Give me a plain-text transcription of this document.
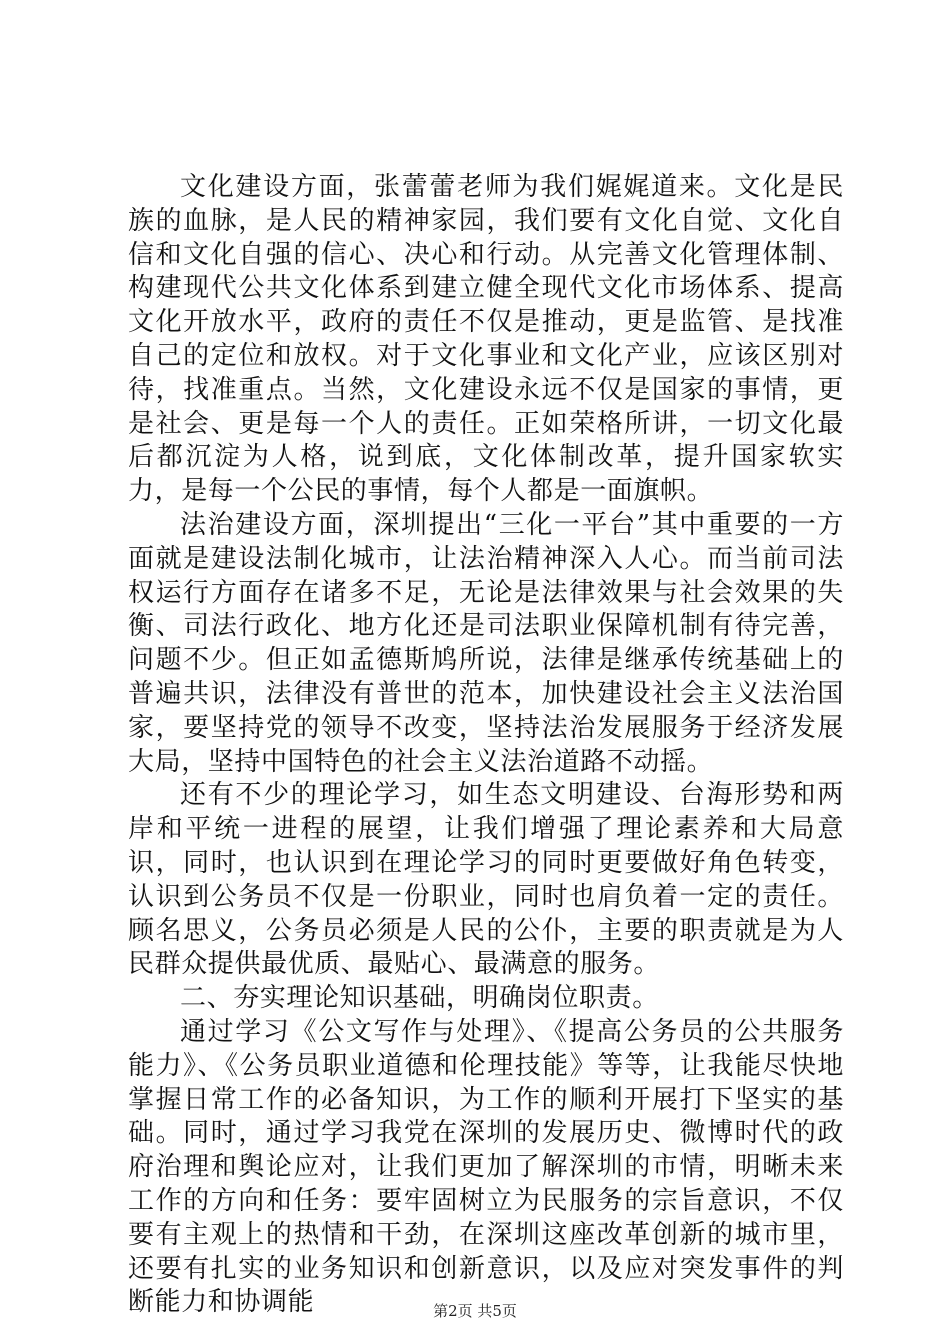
文化建设方面，张蕾蕾老师为我们娓娓道来。文化是民族的血脉，是人民的精神家园，我们要有文化自觉、文化自信和文化自强的信心、决心和行动。从完善文化管理体制、构建现代公共文化体系到建立健全现代文化市场体系、提高文化开放水平，政府的责任不仅是推动，更是监管、是找准自己的定位和放权。对于文化事业和文化产业，应该区别对待，找准重点。当然，文化建设永远不仅是国家的事情，更是社会、更是每一个人的责任。正如荣格所讲，一切文化最后都沉淀为人格，说到底，文化体制改革，提升国家软实力，是每一个公民的事情，每个人都是一面旗帜。

法治建设方面，深圳提出“三化一平台”其中重要的一方面就是建设法制化城市，让法治精神深入人心。而当前司法权运行方面存在诸多不足，无论是法律效果与社会效果的失衡、司法行政化、地方化还是司法职业保障机制有待完善，问题不少。但正如孟德斯鸠所说，法律是继承传统基础上的普遍共识，法律没有普世的范本，加快建设社会主义法治国家，要坚持党的领导不改变，坚持法治发展服务于经济发展大局，坚持中国特色的社会主义法治道路不动摇。

还有不少的理论学习，如生态文明建设、台海形势和两岸和平统一进程的展望，让我们增强了理论素养和大局意识，同时，也认识到在理论学习的同时更要做好角色转变，认识到公务员不仅是一份职业，同时也肩负着一定的责任。顾名思义，公务员必须是人民的公仆，主要的职责就是为人民群众提供最优质、最贴心、最满意的服务。

二、夯实理论知识基础，明确岗位职责。

通过学习《公文写作与处理》、《提高公务员的公共服务能力》、《公务员职业道德和伦理技能》等等，让我能尽快地掌握日常工作的必备知识，为工作的顺利开展打下坚实的基础。同时，通过学习我党在深圳的发展历史、微博时代的政府治理和舆论应对，让我们更加了解深圳的市情，明晰未来工作的方向和任务：要牢固树立为民服务的宗旨意识，不仅要有主观上的热情和干劲，在深圳这座改革创新的城市里，还要有扎实的业务知识和创新意识，以及应对突发事件的判断能力和协调能	第2页 共5页
